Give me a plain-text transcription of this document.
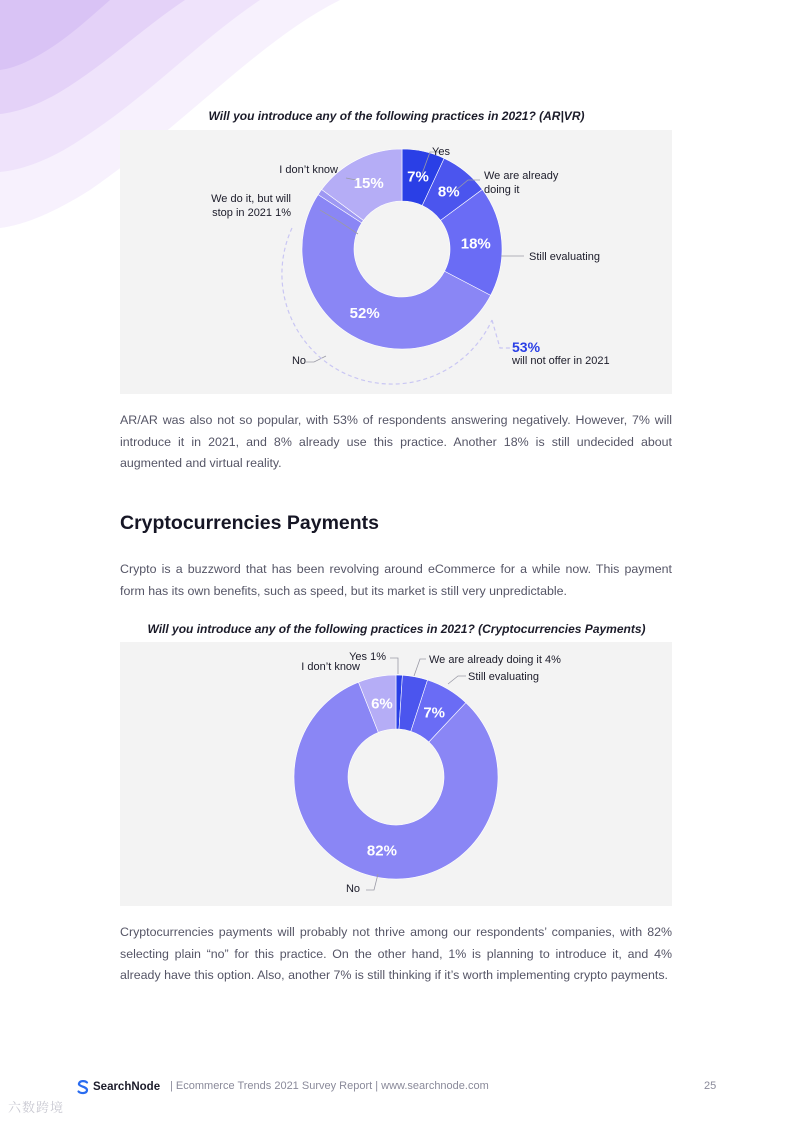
Will you introduce any of the following practices in 2021? (AR|VR)
7%
8%
18%
52%
15%
Yes
We are already
doing it
Still evaluating
No
We do it, but will
stop in 2021 1%
I don’t know
53%
will not offer in 2021

AR/AR was also not so popular, with 53% of respondents answering negatively. However, 7% will introduce it in 2021, and 8% already use this practice. Another 18% is still undecided about augmented and virtual reality.

Cryptocurrencies Payments

Crypto is a buzzword that has been revolving around eCommerce for a while now. This payment form has its own benefits, such as speed, but its market is still very unpredictable.

Will you introduce any of the following practices in 2021? (Cryptocurrencies Payments)
7%
82%
6%
Yes 1%
I don’t know
We are already doing it 4%
Still evaluating
No

Cryptocurrencies payments will probably not thrive among our respondents’ companies, with 82% selecting plain “no” for this practice. On the other hand, 1% is planning to introduce it, and 4% already have this option. Also, another 7% is still thinking if it’s worth implementing crypto payments.

SearchNode | Ecommerce Trends 2021 Survey Report | www.searchnode.com	25
六数跨境
